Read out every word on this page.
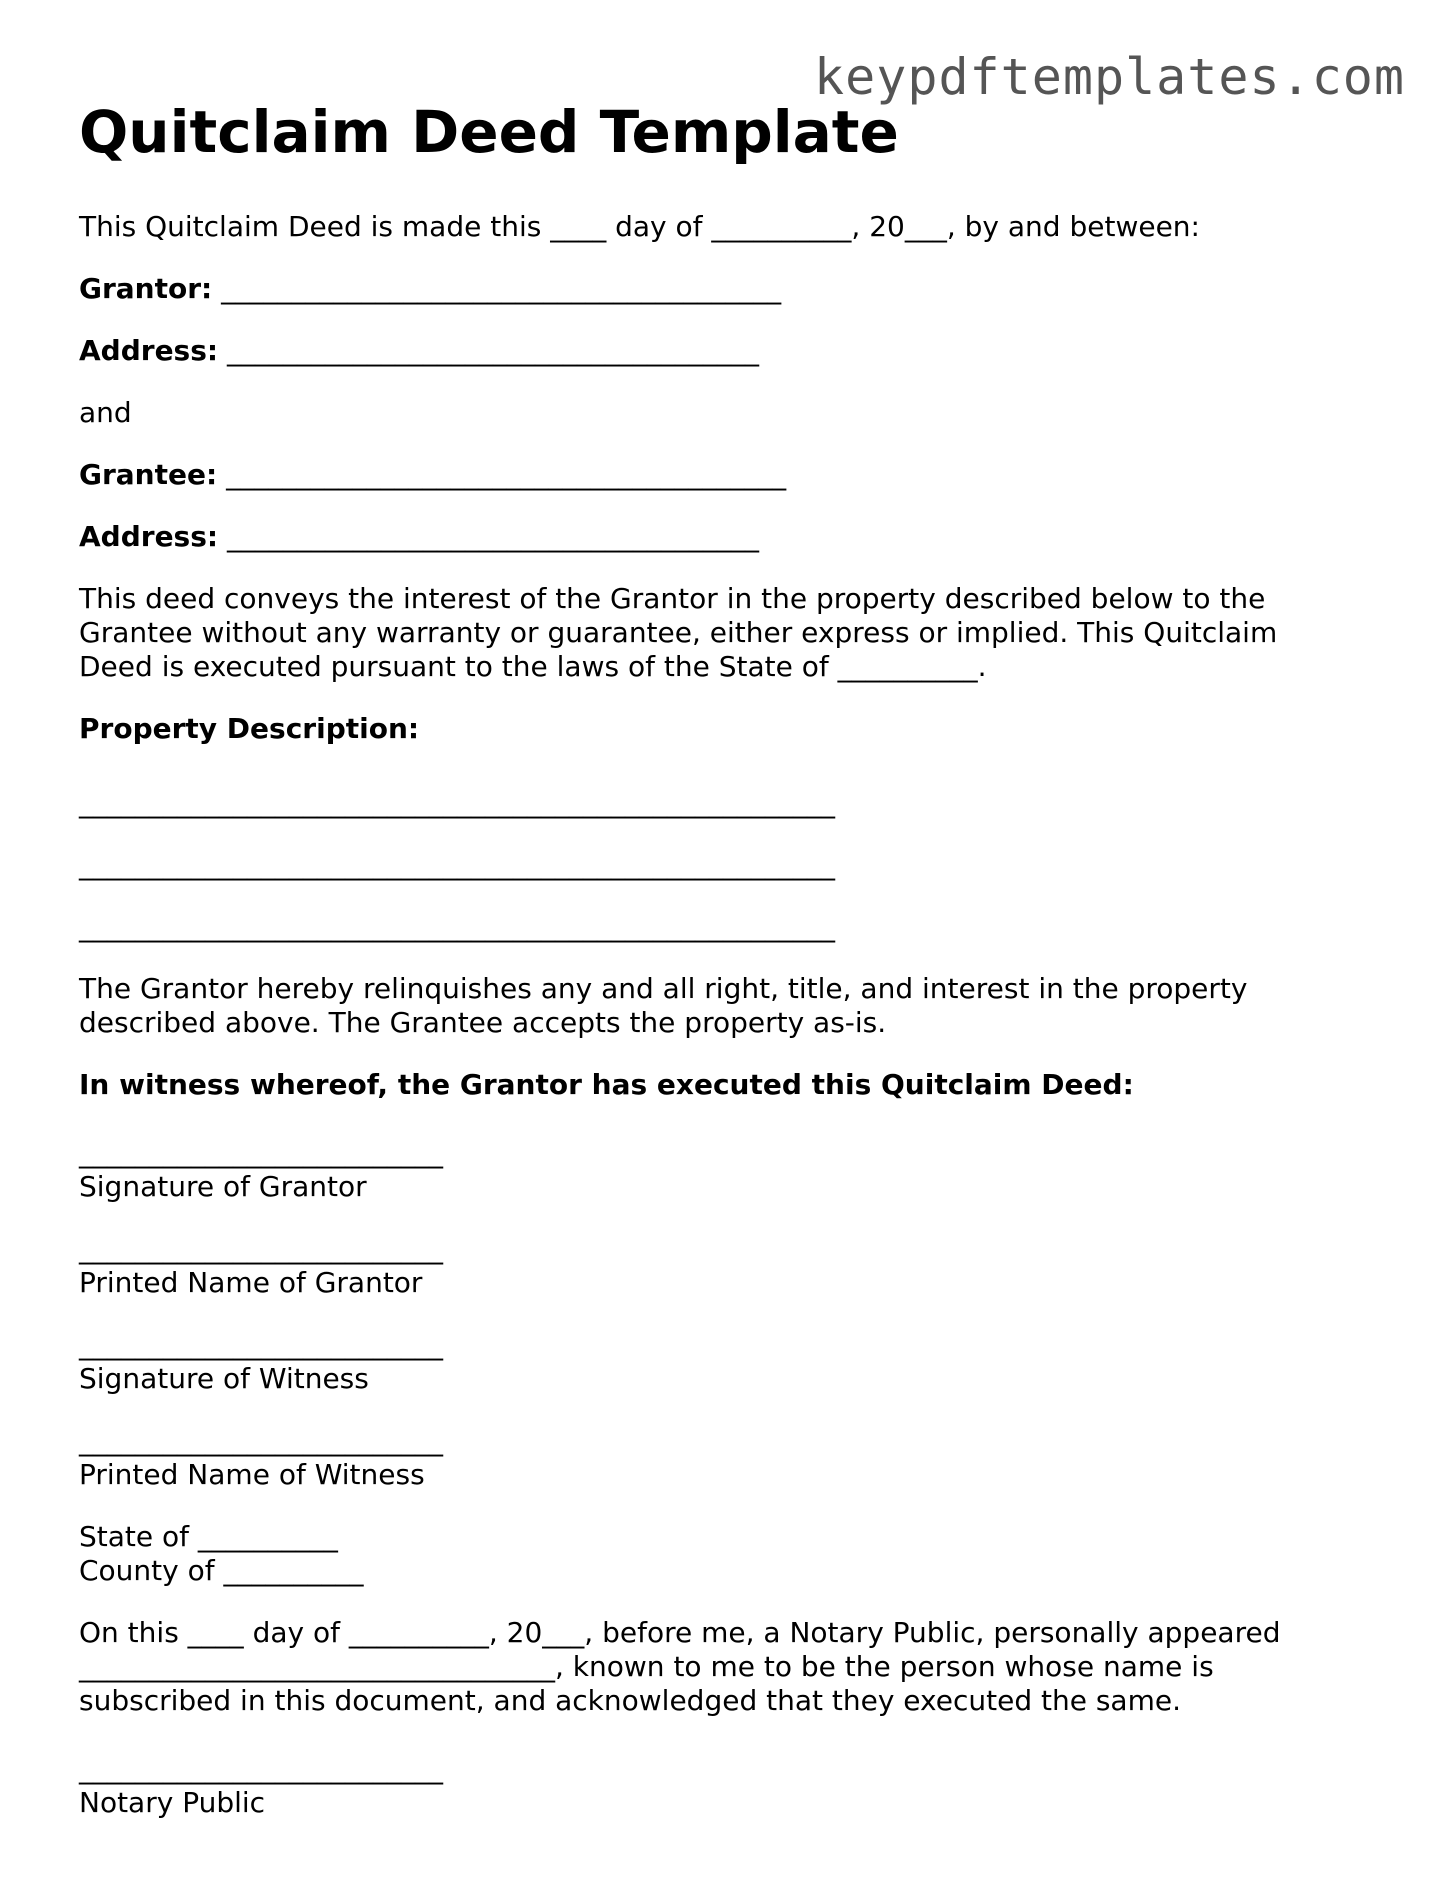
keypdftemplates.com
Quitclaim Deed Template

This Quitclaim Deed is made this ____ day of __________, 20___, by and between:

Grantor: ________________________________________

Address: ______________________________________

and

Grantee: ________________________________________

Address: ______________________________________

This deed conveys the interest of the Grantor in the property described below to the Grantee without any warranty or guarantee, either express or implied. This Quitclaim Deed is executed pursuant to the laws of the State of __________.

Property Description:

______________________________________________________

______________________________________________________

______________________________________________________

The Grantor hereby relinquishes any and all right, title, and interest in the property described above. The Grantee accepts the property as-is.

In witness whereof, the Grantor has executed this Quitclaim Deed:

__________________________
Signature of Grantor

__________________________
Printed Name of Grantor

__________________________
Signature of Witness

__________________________
Printed Name of Witness

State of __________
County of __________

On this ____ day of __________, 20___, before me, a Notary Public, personally appeared __________________________________, known to me to be the person whose name is subscribed in this document, and acknowledged that they executed the same.

__________________________
Notary Public
